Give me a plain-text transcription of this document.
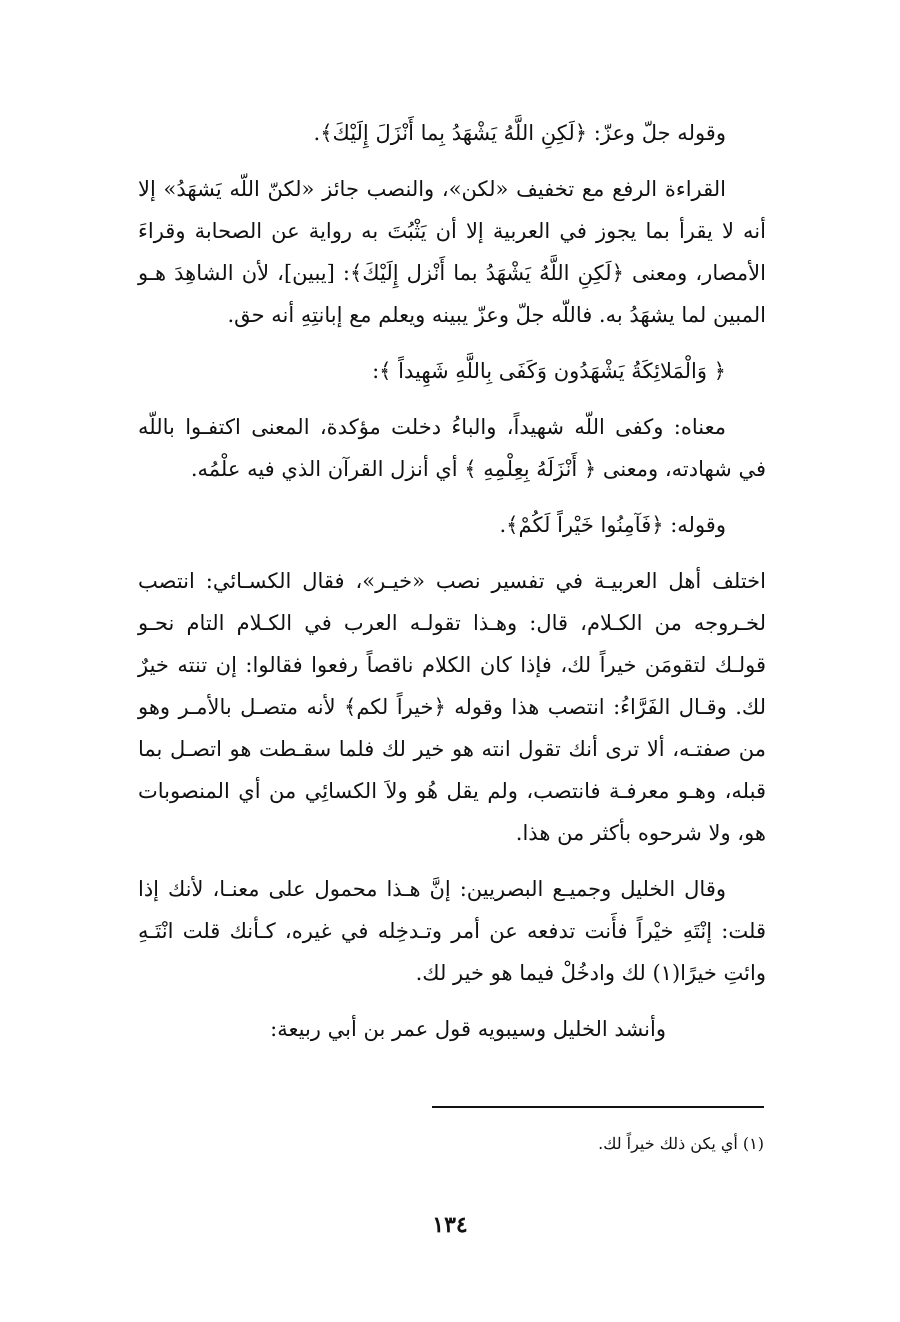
وقوله جلّ وعزّ: ﴿لَكِنِ اللَّهُ يَشْهَدُ بِما أَنْزَلَ إِلَيْكَ﴾.

القراءة الرفع مع تخفيف «لكن»، والنصب جائز «لكنّ اللّه يَشهَدُ» إلا أنه لا يقرأ بما يجوز في العربية إلا أن يَثْبُتَ به رواية عن الصحابة وقراءَ الأمصار، ومعنى ﴿لَكِنِ اللَّهُ يَشْهَدُ بما أَنْزل إِلَيْكَ﴾: [يبين]، لأن الشاهِدَ هـو المبين لما يشهَدُ به. فاللّه جلّ وعزّ يبينه ويعلم مع إبانتِهِ أنه حق.

﴿ وَالْمَلائِكَةُ يَشْهَدُون وَكَفَى بِاللَّهِ شَهِيداً ﴾:

معناه: وكفى اللّه شهيداً، والباءُ دخلت مؤكدة، المعنى اكتفـوا باللّه في شهادته، ومعنى ﴿ أَنْزَلَهُ بِعِلْمِهِ ﴾ أي أنزل القرآن الذي فيه علْمُه.

وقوله: ﴿فَآمِنُوا خَيْراً لَكُمْ﴾.

اختلف أهل العربيـة في تفسير نصب «خيـر»، فقال الكسـائي: انتصب لخـروجه من الكـلام، قال: وهـذا تقولـه العرب في الكـلام التام نحـو قولـك لتقومَن خيراً لك، فإذا كان الكلام ناقصاً رفعوا فقالوا: إن تنته خيرٌ لك. وقـال الفَرَّاءُ: انتصب هذا وقوله ﴿خيراً لكم﴾ لأنه متصـل بالأمـر وهو من صفتـه، ألا ترى أنك تقول انته هو خير لك فلما سقـطت هو اتصـل بما قبله، وهـو معرفـة فانتصب، ولم يقل هُو ولاَ الكسائِي من أي المنصوبات هو، ولا شرحوه بأكثر من هذا.

وقال الخليل وجميـع البصريين: إنَّ هـذا محمول على معنـا، لأنك إذا قلت: إنْتَهِ خيْراً فأَنت تدفعه عن أمر وتـدخِله في غيره، كـأنك قلت انْتَـهِ وائتِ خيرًا(١) لك وادخُلْ فيما هو خير لك.

وأنشد الخليل وسيبويه قول عمر بن أبي ربيعة:

(١) أي يكن ذلك خيراً لك.
١٣٤
